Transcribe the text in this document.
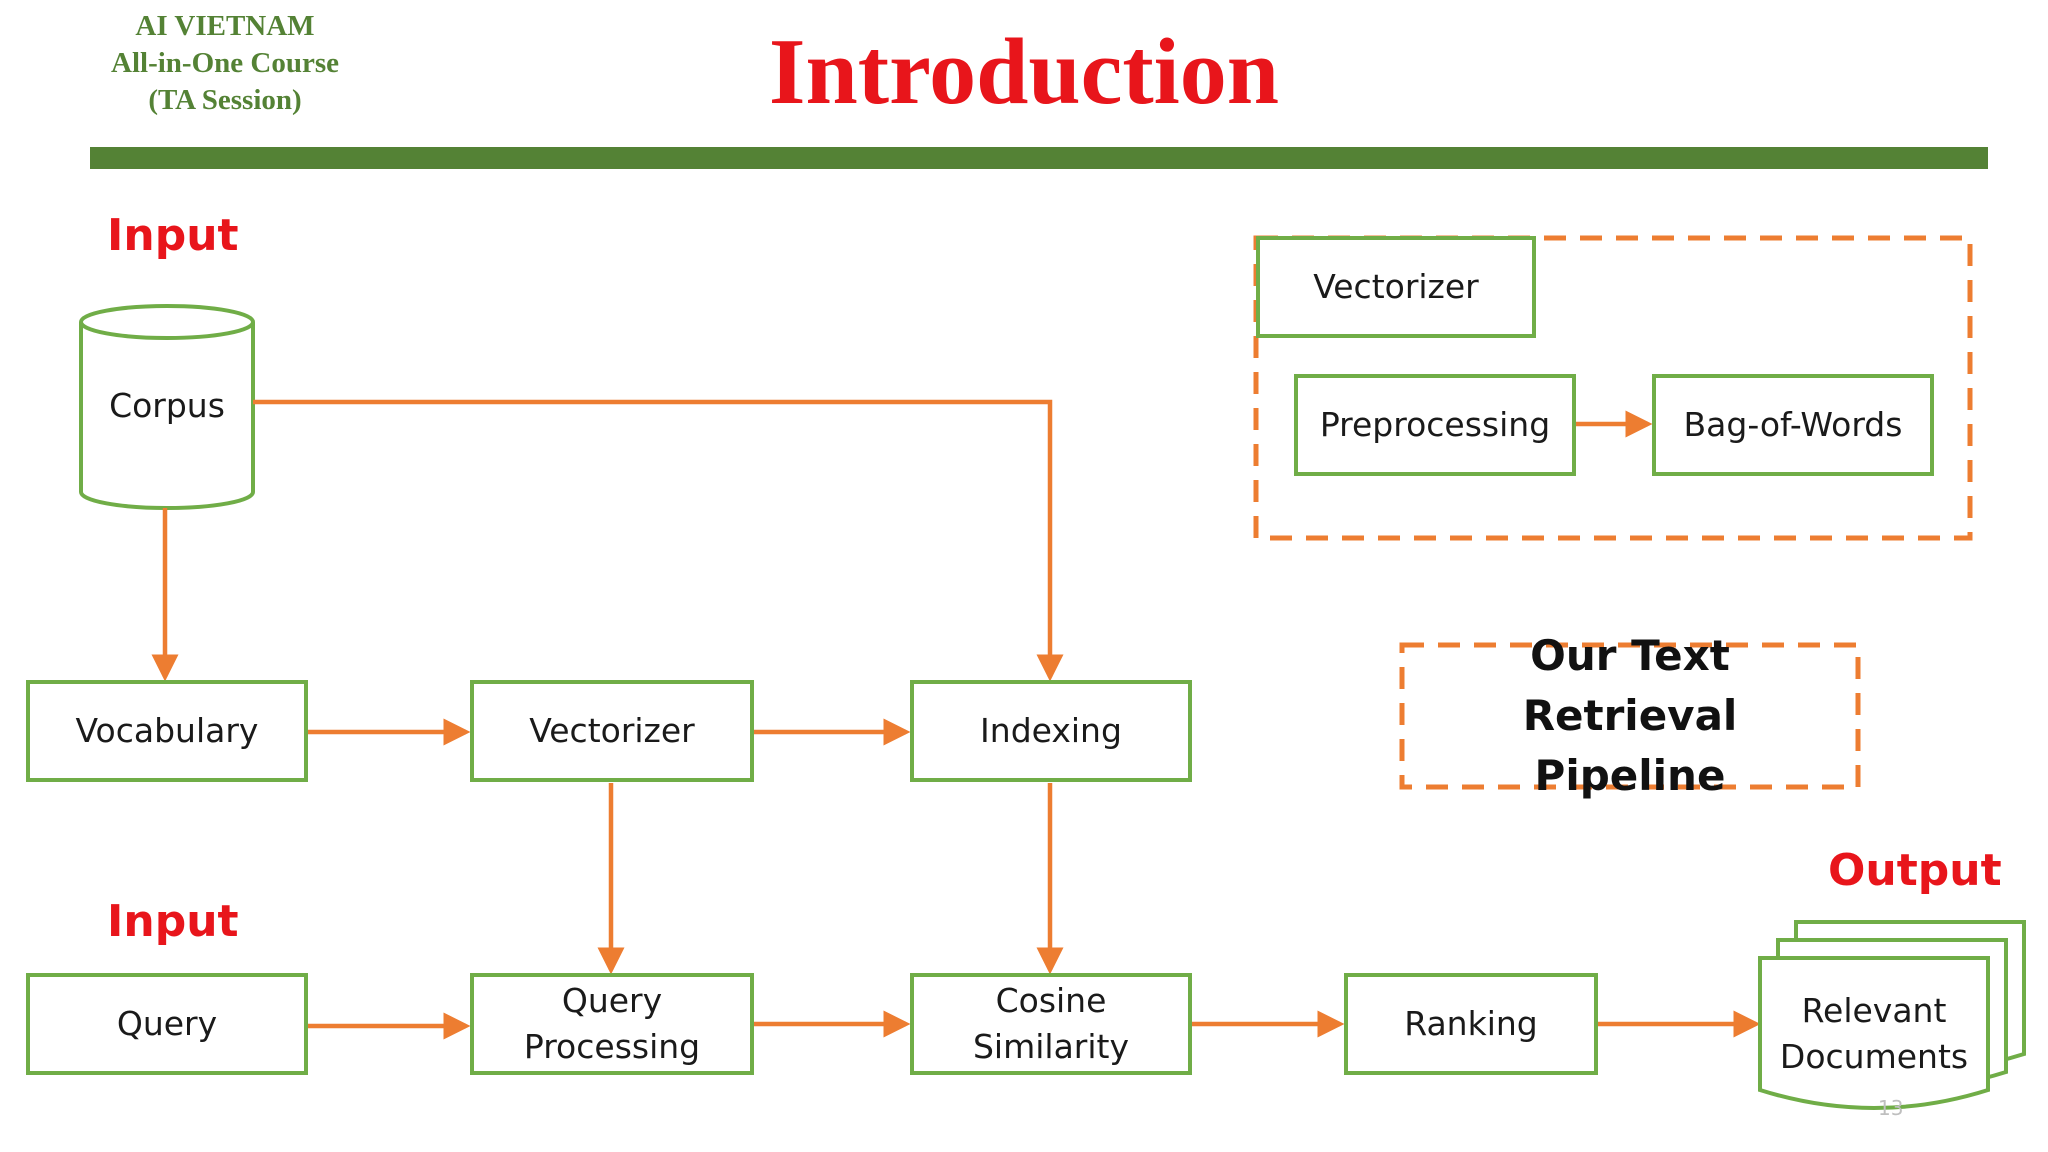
AI VIETNAM
All-in-One Course
(TA Session)	Introduction
Input
Input
Output
Corpus
Vocabulary	Vectorizer	Indexing
Query
Query Processing
Cosine Similarity
Ranking	Relevant Documents
Vectorizer
Preprocessing	Bag-of-Words
Our Text Retrieval Pipeline
13
